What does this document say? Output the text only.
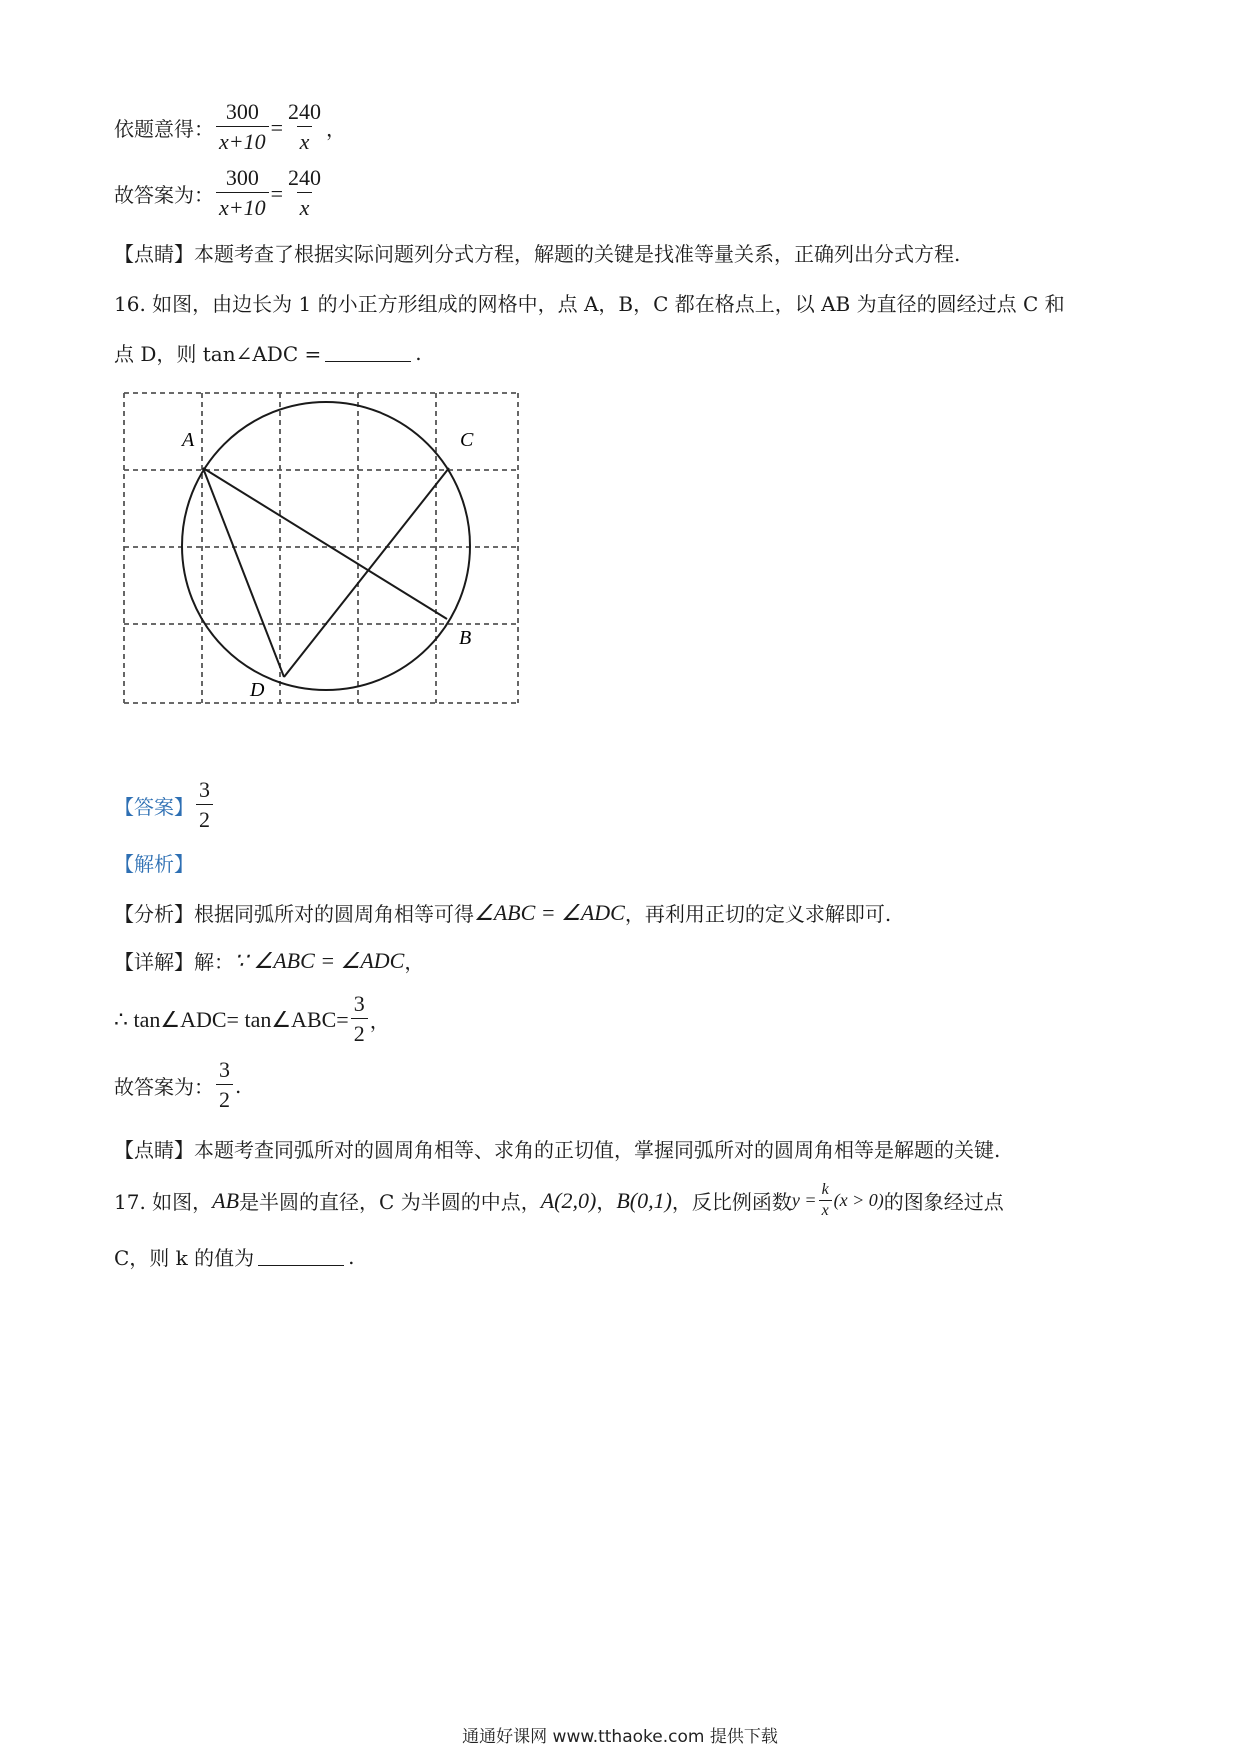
依题意得： $\frac{300}{x+10} = \frac{240}{x}$ ，
故答案为： $\frac{300}{x+10} = \frac{240}{x}$
【点睛】本题考查了根据实际问题列分式方程，解题的关键是找准等量关系，正确列出分式方程.
16. 如图，由边长为 1 的小正方形组成的网格中，点 A，B，C 都在格点上，以 AB 为直径的圆经过点 C 和
点 D，则 tan∠ADC =	.
A	C
B
D
【答案】 $\frac{3}{2}$
【解析】
【分析】根据同弧所对的圆周角相等可得 ∠ABC = ∠ADC ，再利用正切的定义求解即可.
【详解】解： ∵ ∠ABC = ∠ADC ，
∴ tan∠ADC= tan∠ABC= $\frac{3}{2}$ ，
故答案为： $\frac{3}{2}$ .
【点睛】本题考查同弧所对的圆周角相等、求角的正切值，掌握同弧所对的圆周角相等是解题的关键.
17. 如图， AB 是半圆的直径，C 为半圆的中点， A(2,0) ， B(0,1) ，反比例函数 $y = \frac{k}{x} (x > 0)$ 的图象经过点
C，则 k 的值为	.
通通好课网 www.tthaoke.com 提供下载
